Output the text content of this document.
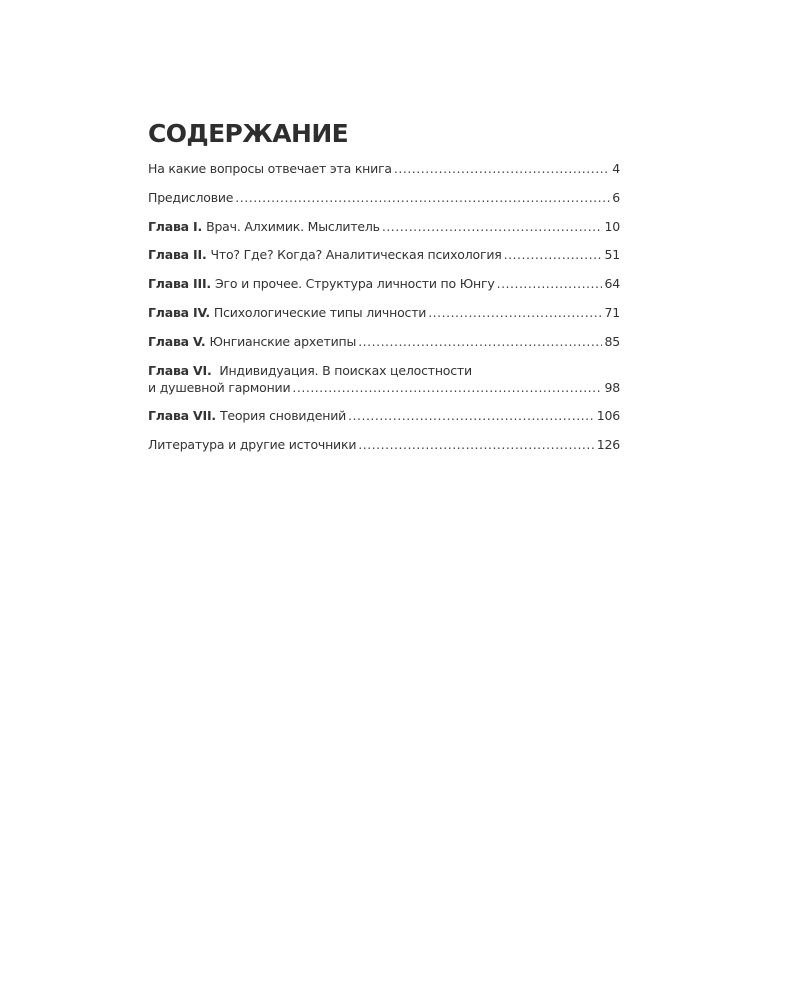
СОДЕРЖАНИЕ
На какие вопросы отвечает эта книга .....	4
Предисловие .....	6
Глава I. Врач. Алхимик. Мыслитель .....	10
Глава II. Что? Где? Когда? Аналитическая психология .....	51
Глава III. Эго и прочее. Структура личности по Юнгу .....	64
Глава IV. Психологические типы личности .....	71
Глава V. Юнгианские архетипы .....	85
Глава VI. Индивидуация. В поисках целостности
и душевной гармонии .....	98
Глава VII. Теория сновидений .....	106
Литература и другие источники .....	126
